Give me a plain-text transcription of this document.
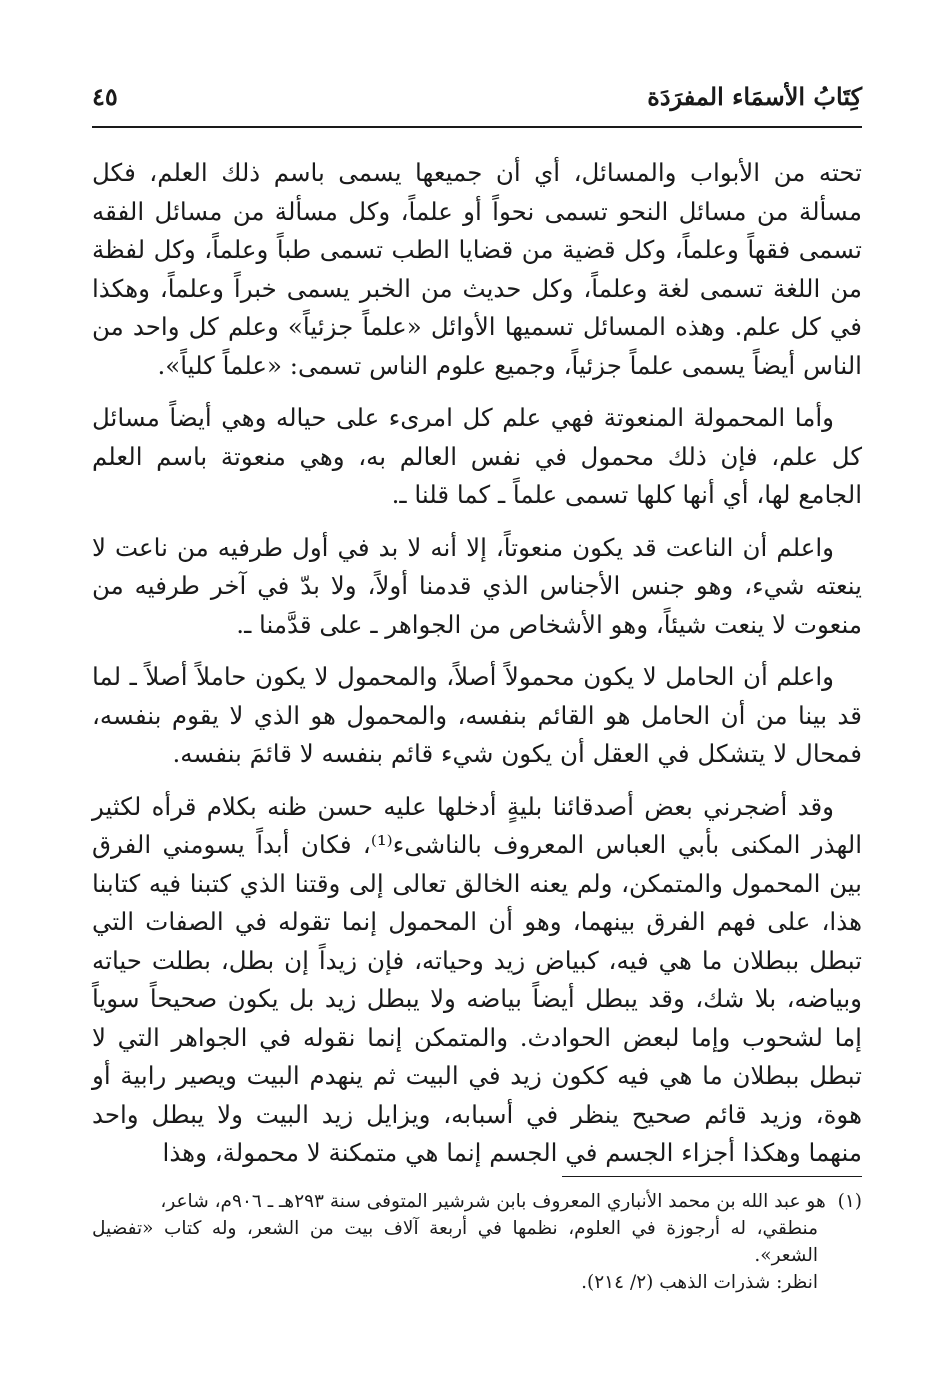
كِتَابُ الأسمَاء المفرَدَة
٤٥

تحته من الأبواب والمسائل، أي أن جميعها يسمى باسم ذلك العلم، فكل مسألة من مسائل النحو تسمى نحواً أو علماً، وكل مسألة من مسائل الفقه تسمى فقهاً وعلماً، وكل قضية من قضايا الطب تسمى طباً وعلماً، وكل لفظة من اللغة تسمى لغة وعلماً، وكل حديث من الخبر يسمى خبراً وعلماً، وهكذا في كل علم. وهذه المسائل تسميها الأوائل «علماً جزئياً» وعلم كل واحد من الناس أيضاً يسمى علماً جزئياً، وجميع علوم الناس تسمى: «علماً كلياً».

وأما المحمولة المنعوتة فهي علم كل امرىء على حياله وهي أيضاً مسائل كل علم، فإن ذلك محمول في نفس العالم به، وهي منعوتة باسم العلم الجامع لها، أي أنها كلها تسمى علماً ـ كما قلنا ـ.

واعلم أن الناعت قد يكون منعوتاً، إلا أنه لا بد في أول طرفيه من ناعت لا ينعته شيء، وهو جنس الأجناس الذي قدمنا أولاً، ولا بدّ في آخر طرفيه من منعوت لا ينعت شيئاً، وهو الأشخاص من الجواهر ـ على قدَّمنا ـ.

واعلم أن الحامل لا يكون محمولاً أصلاً، والمحمول لا يكون حاملاً أصلاً ـ لما قد بينا من أن الحامل هو القائم بنفسه، والمحمول هو الذي لا يقوم بنفسه، فمحال لا يتشكل في العقل أن يكون شيء قائم بنفسه لا قائمَ بنفسه.

وقد أضجرني بعض أصدقائنا بليةٍ أدخلها عليه حسن ظنه بكلام قرأه لكثير الهذر المكنى بأبي العباس المعروف بالناشىء⁽¹⁾، فكان أبداً يسومني الفرق بين المحمول والمتمكن، ولم يعنه الخالق تعالى إلى وقتنا الذي كتبنا فيه كتابنا هذا، على فهم الفرق بينهما، وهو أن المحمول إنما تقوله في الصفات التي تبطل ببطلان ما هي فيه، كبياض زيد وحياته، فإن زيداً إن بطل، بطلت حياته وبياضه، بلا شك، وقد يبطل أيضاً بياضه ولا يبطل زيد بل يكون صحيحاً سوياً إما لشحوب وإما لبعض الحوادث. والمتمكن إنما نقوله في الجواهر التي لا تبطل ببطلان ما هي فيه ككون زيد في البيت ثم ينهدم البيت ويصير رابية أو هوة، وزيد قائم صحيح ينظر في أسبابه، ويزايل زيد البيت ولا يبطل واحد منهما وهكذا أجزاء الجسم في الجسم إنما هي متمكنة لا محمولة، وهذا

(١) هو عبد الله بن محمد الأنباري المعروف بابن شرشير المتوفى سنة ٢٩٣هـ ـ ٩٠٦م، شاعر،
منطقي، له أرجوزة في العلوم، نظمها في أربعة آلاف بيت من الشعر، وله كتاب «تفضيل الشعر».
انظر: شذرات الذهب (٢/ ٢١٤).
